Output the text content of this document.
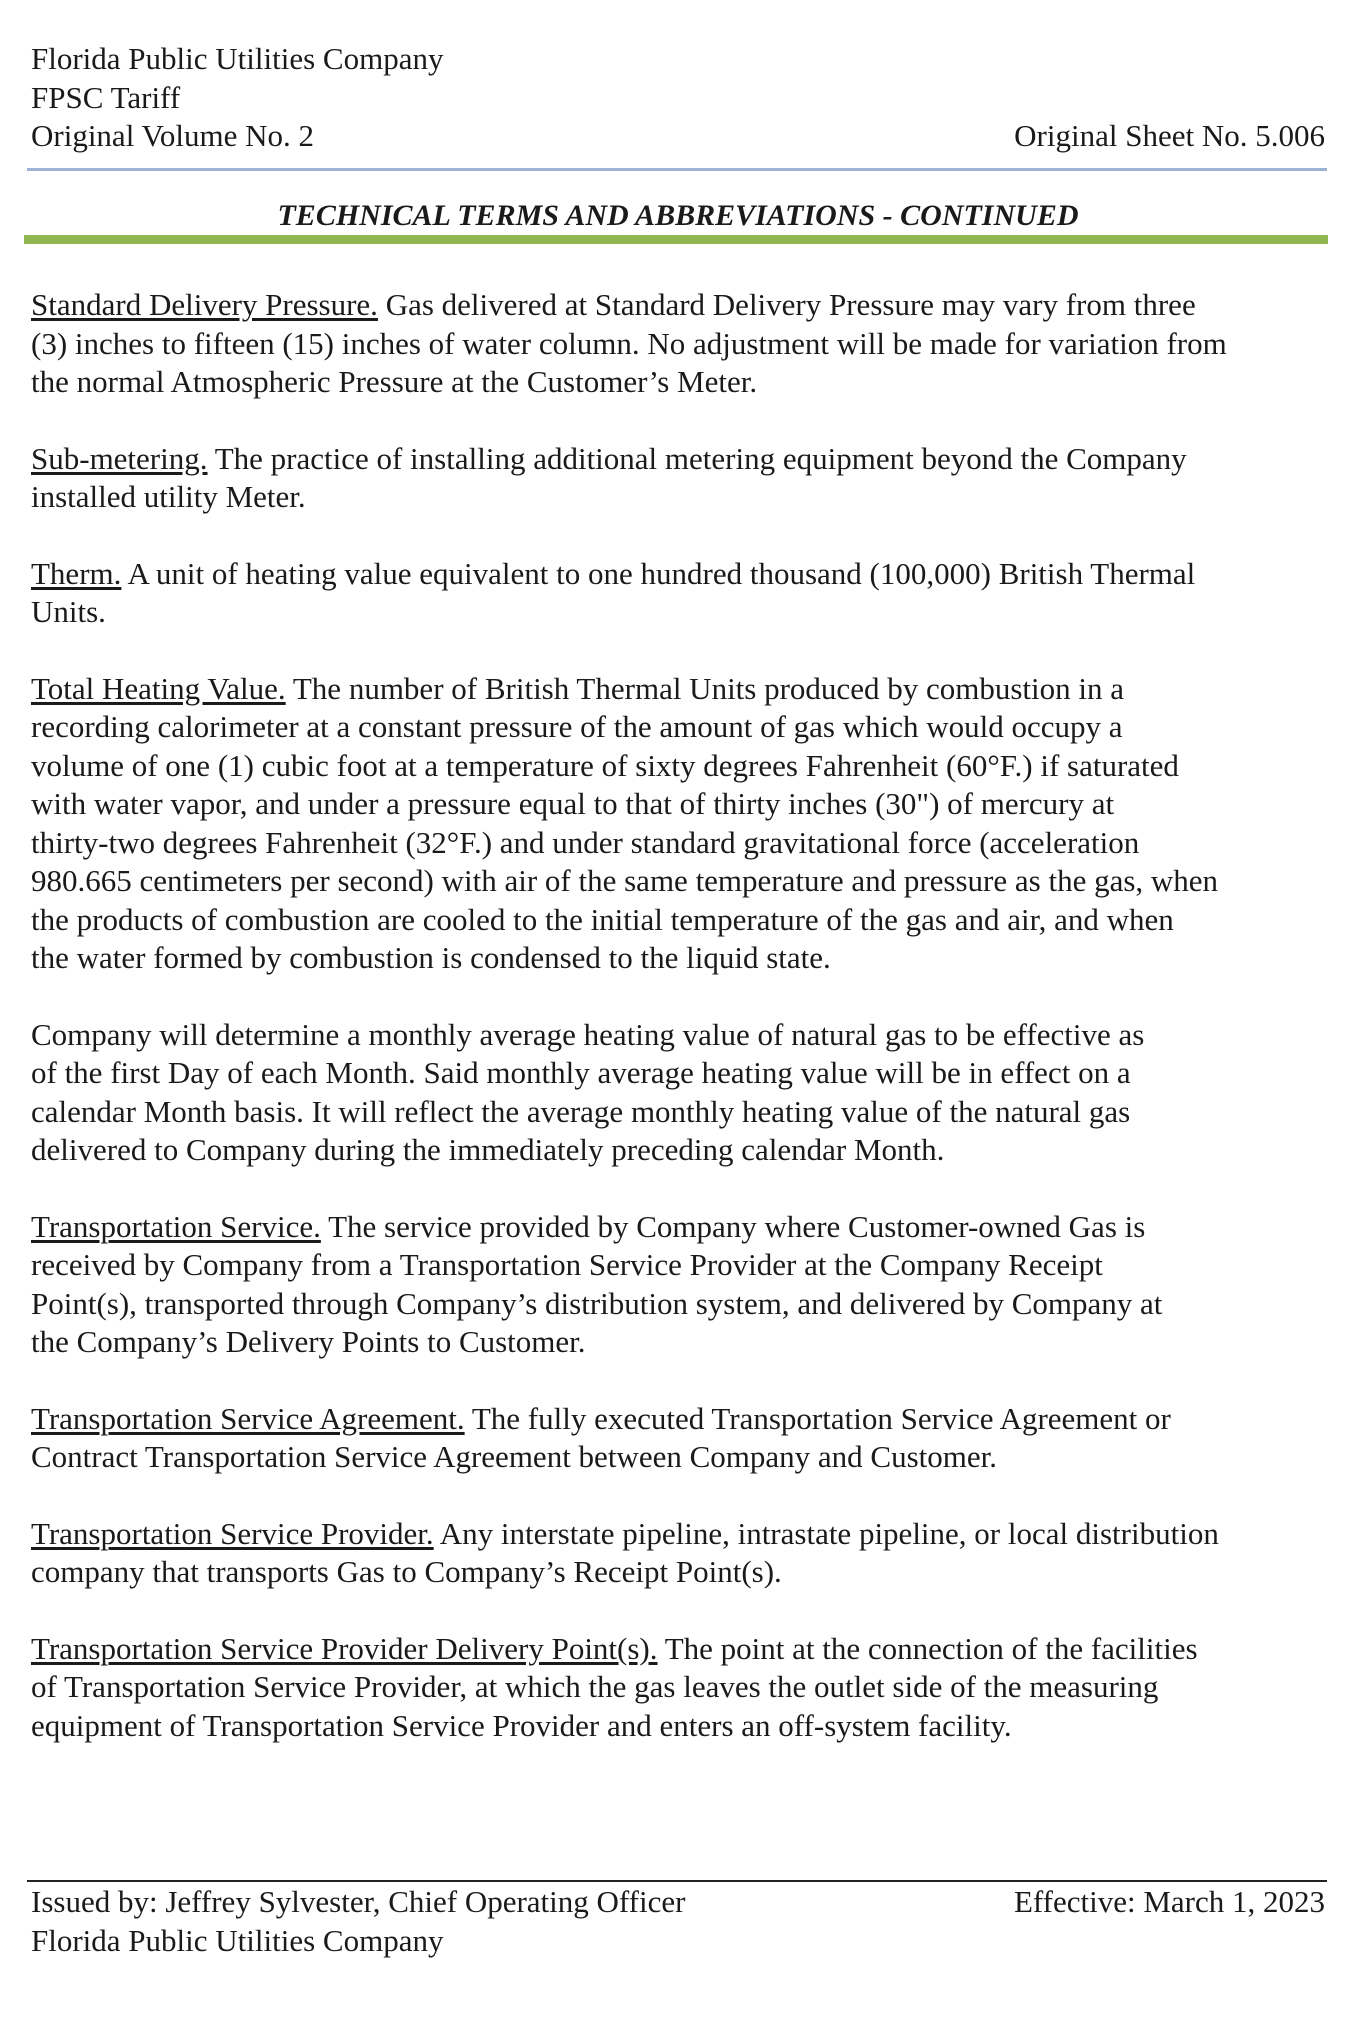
Florida Public Utilities Company
FPSC Tariff
Original Volume No. 2	Original Sheet No. 5.006
TECHNICAL TERMS AND ABBREVIATIONS - CONTINUED
Standard Delivery Pressure. Gas delivered at Standard Delivery Pressure may vary from three
(3) inches to fifteen (15) inches of water column. No adjustment will be made for variation from
the normal Atmospheric Pressure at the Customer’s Meter.
Sub-metering. The practice of installing additional metering equipment beyond the Company
installed utility Meter.
Therm. A unit of heating value equivalent to one hundred thousand (100,000) British Thermal
Units.
Total Heating Value. The number of British Thermal Units produced by combustion in a
recording calorimeter at a constant pressure of the amount of gas which would occupy a
volume of one (1) cubic foot at a temperature of sixty degrees Fahrenheit (60°F.) if saturated
with water vapor, and under a pressure equal to that of thirty inches (30") of mercury at
thirty-two degrees Fahrenheit (32°F.) and under standard gravitational force (acceleration
980.665 centimeters per second) with air of the same temperature and pressure as the gas, when
the products of combustion are cooled to the initial temperature of the gas and air, and when
the water formed by combustion is condensed to the liquid state.
Company will determine a monthly average heating value of natural gas to be effective as
of the first Day of each Month. Said monthly average heating value will be in effect on a
calendar Month basis. It will reflect the average monthly heating value of the natural gas
delivered to Company during the immediately preceding calendar Month.
Transportation Service. The service provided by Company where Customer-owned Gas is
received by Company from a Transportation Service Provider at the Company Receipt
Point(s), transported through Company’s distribution system, and delivered by Company at
the Company’s Delivery Points to Customer.
Transportation Service Agreement. The fully executed Transportation Service Agreement or
Contract Transportation Service Agreement between Company and Customer.
Transportation Service Provider. Any interstate pipeline, intrastate pipeline, or local distribution
company that transports Gas to Company’s Receipt Point(s).
Transportation Service Provider Delivery Point(s). The point at the connection of the facilities
of Transportation Service Provider, at which the gas leaves the outlet side of the measuring
equipment of Transportation Service Provider and enters an off-system facility.
Issued by: Jeffrey Sylvester, Chief Operating Officer	Effective: March 1, 2023
Florida Public Utilities Company
